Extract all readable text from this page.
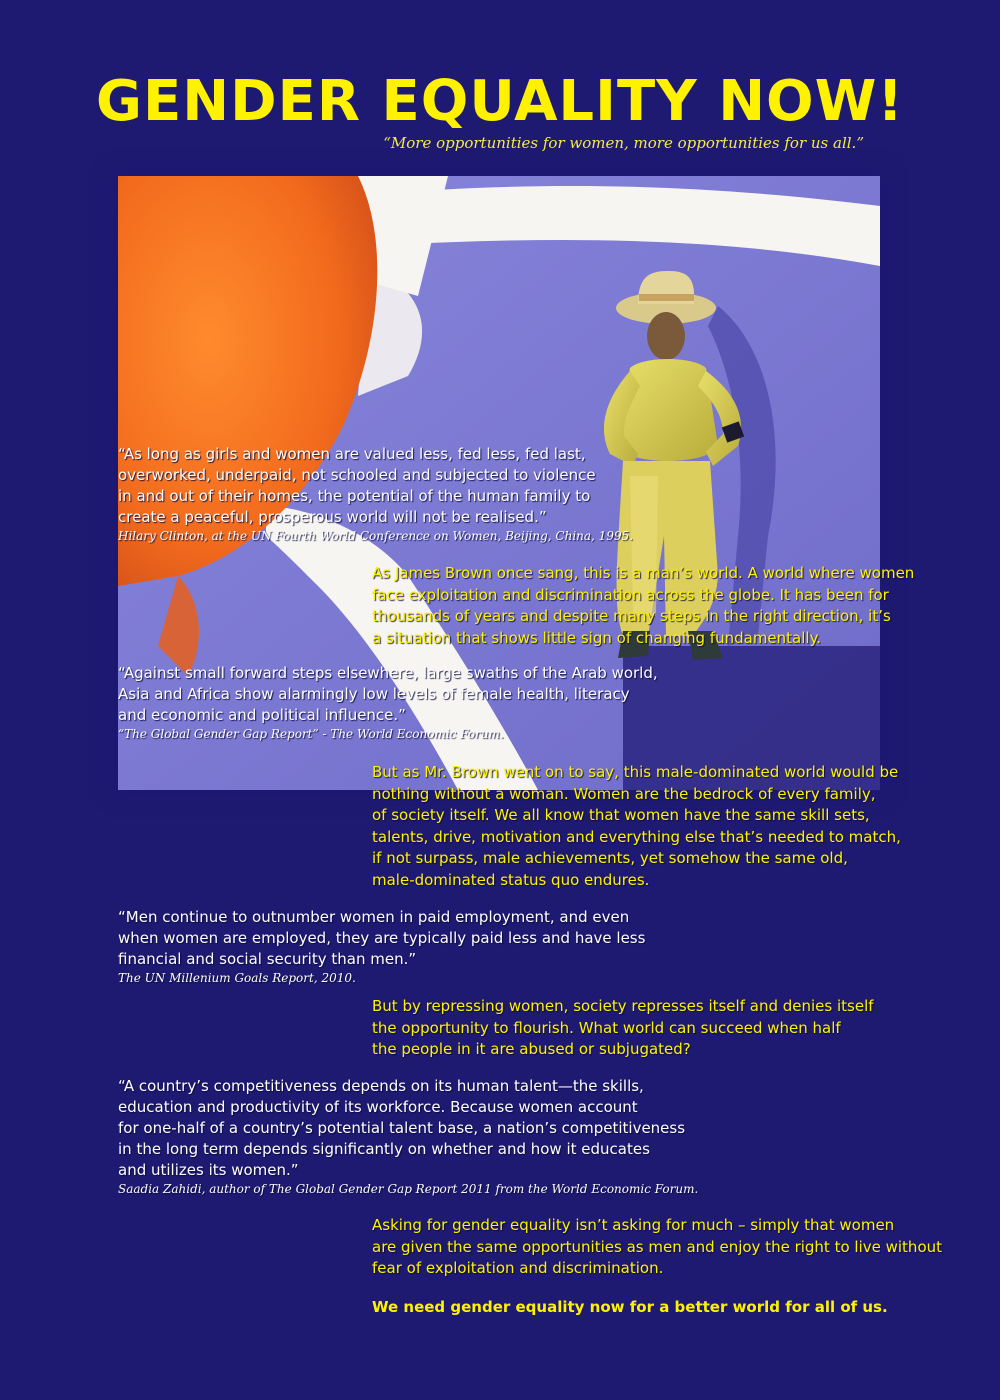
GENDER EQUALITY NOW!
“More opportunities for women, more opportunities for us all.”

“As long as girls and women are valued less, fed less, fed last,
overworked, underpaid, not schooled and subjected to violence
in and out of their homes, the potential of the human family to
create a peaceful, prosperous world will not be realised.”

Hilary Clinton, at the UN Fourth World Conference on Women, Beijing, China, 1995.

As James Brown once sang, this is a man’s world. A world where women
face exploitation and discrimination across the globe. It has been for
thousands of years and despite many steps in the right direction, it’s
a situation that shows little sign of changing fundamentally.

“Against small forward steps elsewhere, large swaths of the Arab world,
Asia and Africa show alarmingly low levels of female health, literacy
and economic and political influence.”

“The Global Gender Gap Report” - The World Economic Forum.

But as Mr. Brown went on to say, this male-dominated world would be
nothing without a woman. Women are the bedrock of every family,
of society itself. We all know that women have the same skill sets,
talents, drive, motivation and everything else that’s needed to match,
if not surpass, male achievements, yet somehow the same old,
male-dominated status quo endures.

“Men continue to outnumber women in paid employment, and even
when women are employed, they are typically paid less and have less
financial and social security than men.”

The UN Millenium Goals Report, 2010.

But by repressing women, society represses itself and denies itself
the opportunity to flourish. What world can succeed when half
the people in it are abused or subjugated?

“A country’s competitiveness depends on its human talent—the skills,
education and productivity of its workforce. Because women account
for one-half of a country’s potential talent base, a nation’s competitiveness
in the long term depends significantly on whether and how it educates
and utilizes its women.”

Saadia Zahidi, author of The Global Gender Gap Report 2011 from the World Economic Forum.

Asking for gender equality isn’t asking for much – simply that women
are given the same opportunities as men and enjoy the right to live without
fear of exploitation and discrimination.

We need gender equality now for a better world for all of us.
